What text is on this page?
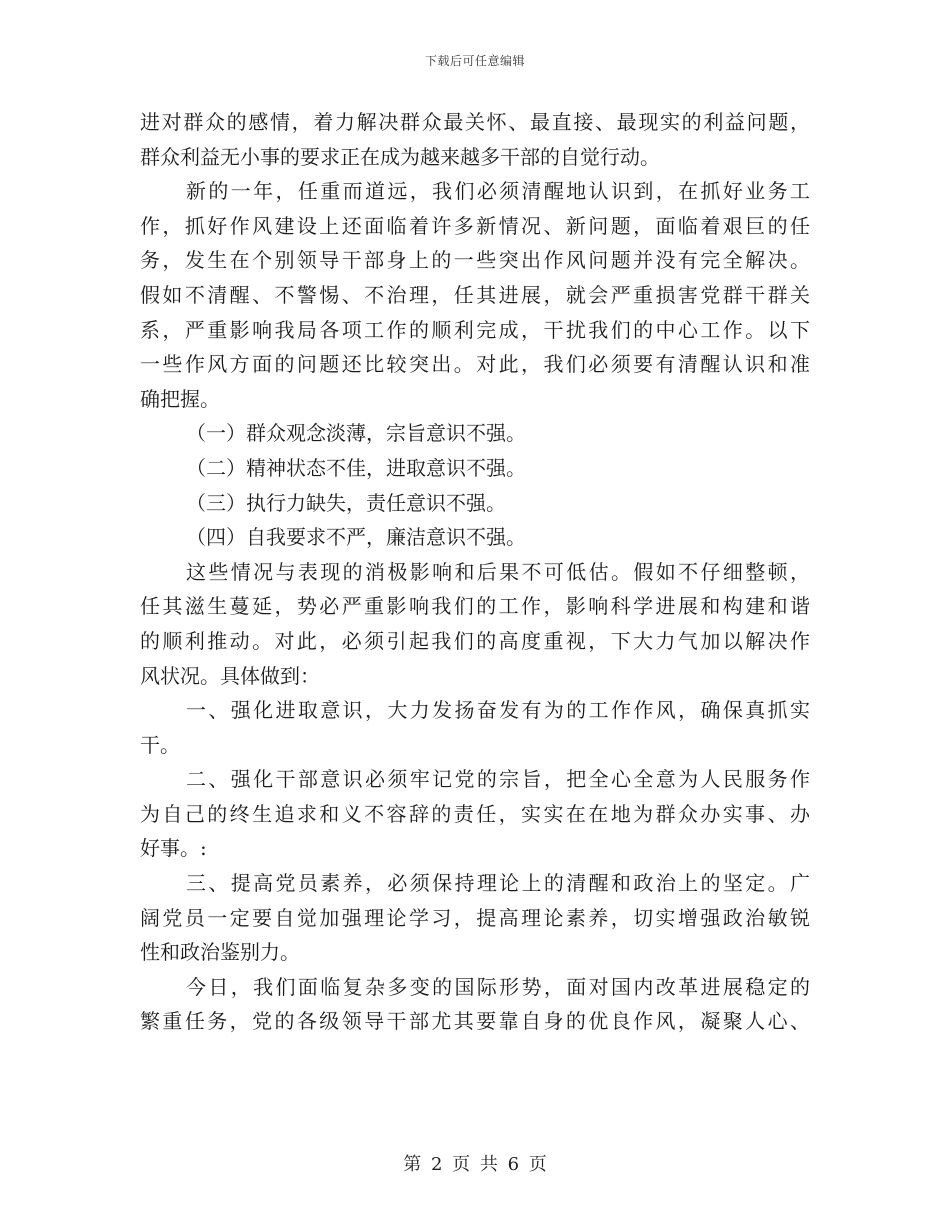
下载后可任意编辑
进对群众的感情，着力解决群众最关怀、最直接、最现实的利益问题，
群众利益无小事的要求正在成为越来越多干部的自觉行动。
新的一年，任重而道远，我们必须清醒地认识到，在抓好业务工
作，抓好作风建设上还面临着许多新情况、新问题，面临着艰巨的任
务，发生在个别领导干部身上的一些突出作风问题并没有完全解决。
假如不清醒、不警惕、不治理，任其进展，就会严重损害党群干群关
系，严重影响我局各项工作的顺利完成，干扰我们的中心工作。以下
一些作风方面的问题还比较突出。对此，我们必须要有清醒认识和准
确把握。
（一）群众观念淡薄，宗旨意识不强。
（二）精神状态不佳，进取意识不强。
（三）执行力缺失，责任意识不强。
（四）自我要求不严，廉洁意识不强。
这些情况与表现的消极影响和后果不可低估。假如不仔细整顿，
任其滋生蔓延，势必严重影响我们的工作，影响科学进展和构建和谐
的顺利推动。对此，必须引起我们的高度重视，下大力气加以解决作
风状况。具体做到：
一、强化进取意识，大力发扬奋发有为的工作作风，确保真抓实
干。
二、强化干部意识必须牢记党的宗旨，把全心全意为人民服务作
为自己的终生追求和义不容辞的责任，实实在在地为群众办实事、办
好事。:
三、提高党员素养，必须保持理论上的清醒和政治上的坚定。广
阔党员一定要自觉加强理论学习，提高理论素养，切实增强政治敏锐
性和政治鉴别力。
今日，我们面临复杂多变的国际形势，面对国内改革进展稳定的
繁重任务，党的各级领导干部尤其要靠自身的优良作风，凝聚人心、
第 2 页 共 6 页
